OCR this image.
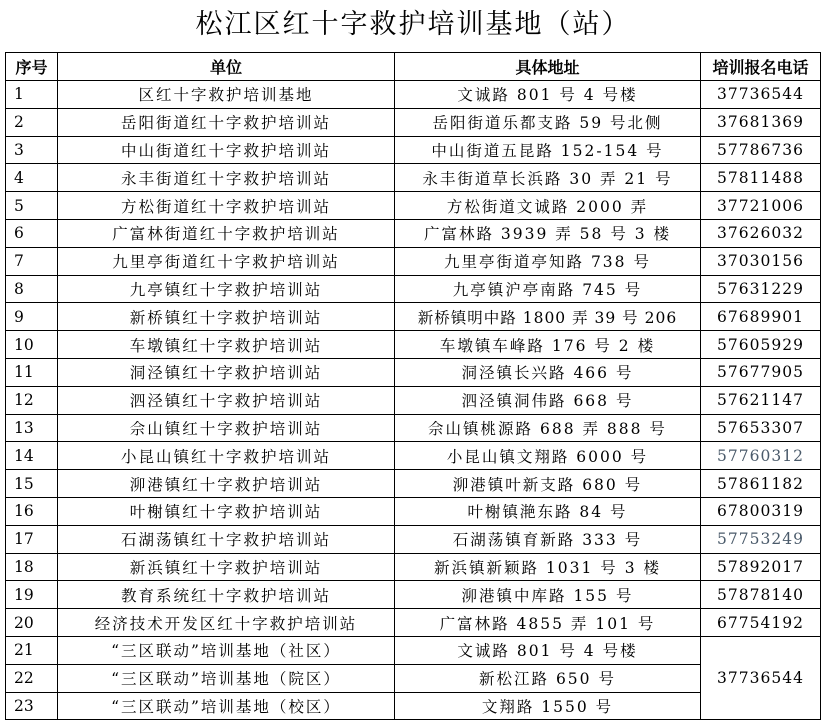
松江区红十字救护培训基地（站）
序号	单位	具体地址	培训报名电话
1	区红十字救护培训基地	文诚路 801 号 4 号楼	37736544
2	岳阳街道红十字救护培训站	岳阳街道乐都支路 59 号北侧	37681369
3	中山街道红十字救护培训站	中山街道五昆路 152-154 号	57786736
4	永丰街道红十字救护培训站	永丰街道草长浜路 30 弄 21 号	57811488
5	方松街道红十字救护培训站	方松街道文诚路 2000 弄	37721006
6	广富林街道红十字救护培训站	广富林路 3939 弄 58 号 3 楼	37626032
7	九里亭街道红十字救护培训站	九里亭街道亭知路 738 号	37030156
8	九亭镇红十字救护培训站	九亭镇沪亭南路 745 号	57631229
9	新桥镇红十字救护培训站	新桥镇明中路 1800 弄 39 号 206	67689901
10	车墩镇红十字救护培训站	车墩镇车峰路 176 号 2 楼	57605929
11	洞泾镇红十字救护培训站	洞泾镇长兴路 466 号	57677905
12	泗泾镇红十字救护培训站	泗泾镇洞伟路 668 号	57621147
13	佘山镇红十字救护培训站	佘山镇桃源路 688 弄 888 号	57653307
14	小昆山镇红十字救护培训站	小昆山镇文翔路 6000 号	57760312
15	泖港镇红十字救护培训站	泖港镇叶新支路 680 号	57861182
16	叶榭镇红十字救护培训站	叶榭镇滟东路 84 号	67800319
17	石湖荡镇红十字救护培训站	石湖荡镇育新路 333 号	57753249
18	新浜镇红十字救护培训站	新浜镇新颖路 1031 号 3 楼	57892017
19	教育系统红十字救护培训站	泖港镇中库路 155 号	57878140
20	经济技术开发区红十字救护培训站	广富林路 4855 弄 101 号	67754192
21	“三区联动”培训基地（社区）	文诚路 801 号 4 号楼	37736544
22	“三区联动”培训基地（院区）	新松江路 650 号	
23	“三区联动”培训基地（校区）	文翔路 1550 号	
